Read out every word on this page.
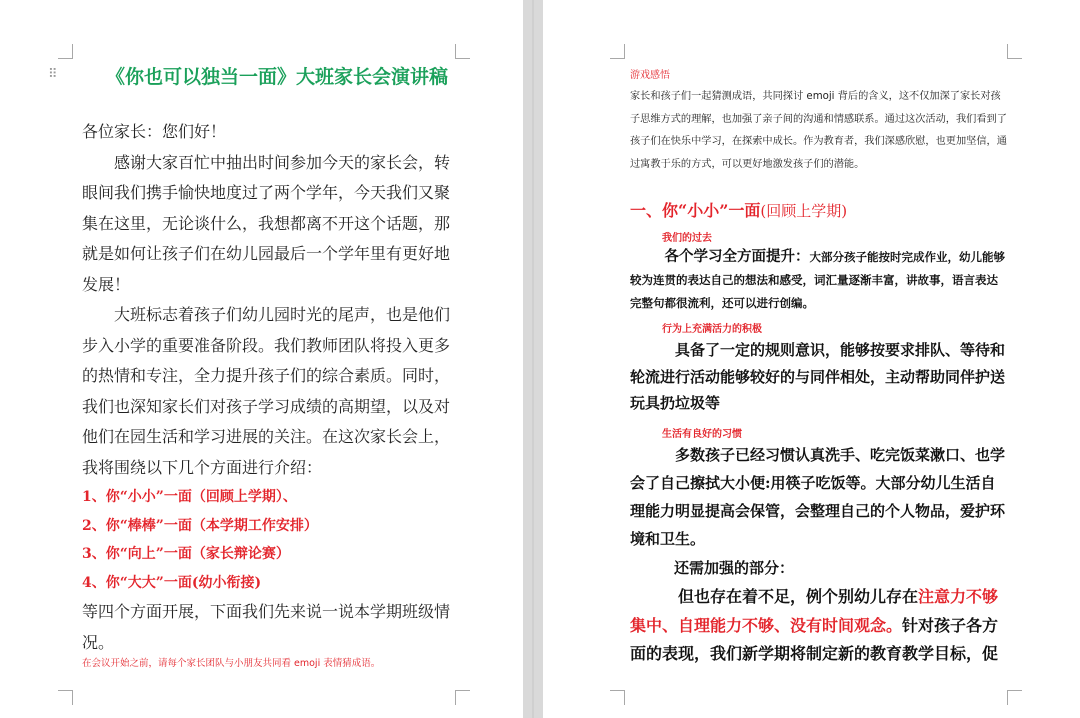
⠿	《你也可以独当一面》大班家长会演讲稿

各位家长：您们好！

感谢大家百忙中抽出时间参加今天的家长会，转眼间我们携手愉快地度过了两个学年，今天我们又聚集在这里，无论谈什么，我想都离不开这个话题，那就是如何让孩子们在幼儿园最后一个学年里有更好地发展！

大班标志着孩子们幼儿园时光的尾声，也是他们步入小学的重要准备阶段。我们教师团队将投入更多的热情和专注，全力提升孩子们的综合素质。同时，我们也深知家长们对孩子学习成绩的高期望，以及对他们在园生活和学习进展的关注。在这次家长会上，我将围绕以下几个方面进行介绍：

1、你“小小”一面（回顾上学期）、

2、你“棒棒”一面（本学期工作安排）

3、你“向上”一面（家长辩论赛）

4、你“大大”一面(幼小衔接)

等四个方面开展，下面我们先来说一说本学期班级情况。

在会议开始之前，请每个家长团队与小朋友共同看 emoji 表情猜成语。
游戏感悟

家长和孩子们一起猜测成语，共同探讨 emoji 背后的含义，这不仅加深了家长对孩子思维方式的理解，也加强了亲子间的沟通和情感联系。通过这次活动，我们看到了孩子们在快乐中学习，在探索中成长。作为教育者，我们深感欣慰，也更加坚信，通过寓教于乐的方式，可以更好地激发孩子们的潜能。

一、你“小小”一面(回顾上学期)
我们的过去

各个学习全方面提升：大部分孩子能按时完成作业，幼儿能够较为连贯的表达自己的想法和感受，词汇量逐渐丰富，讲故事，语言表达完整句都很流利，还可以进行创编。

行为上充满活力的积极

具备了一定的规则意识，能够按要求排队、等待和轮流进行活动能够较好的与同伴相处，主动帮助同伴护送玩具扔垃圾等

生活有良好的习惯

多数孩子已经习惯认真洗手、吃完饭菜漱口、也学会了自己擦拭大小便:用筷子吃饭等。大部分幼儿生活自理能力明显提高会保管，会整理自己的个人物品，爱护环境和卫生。

还需加强的部分：

但也存在着不足，例个别幼儿存在注意力不够集中、自理能力不够、没有时间观念。针对孩子各方面的表现，我们新学期将制定新的教育教学目标，促
